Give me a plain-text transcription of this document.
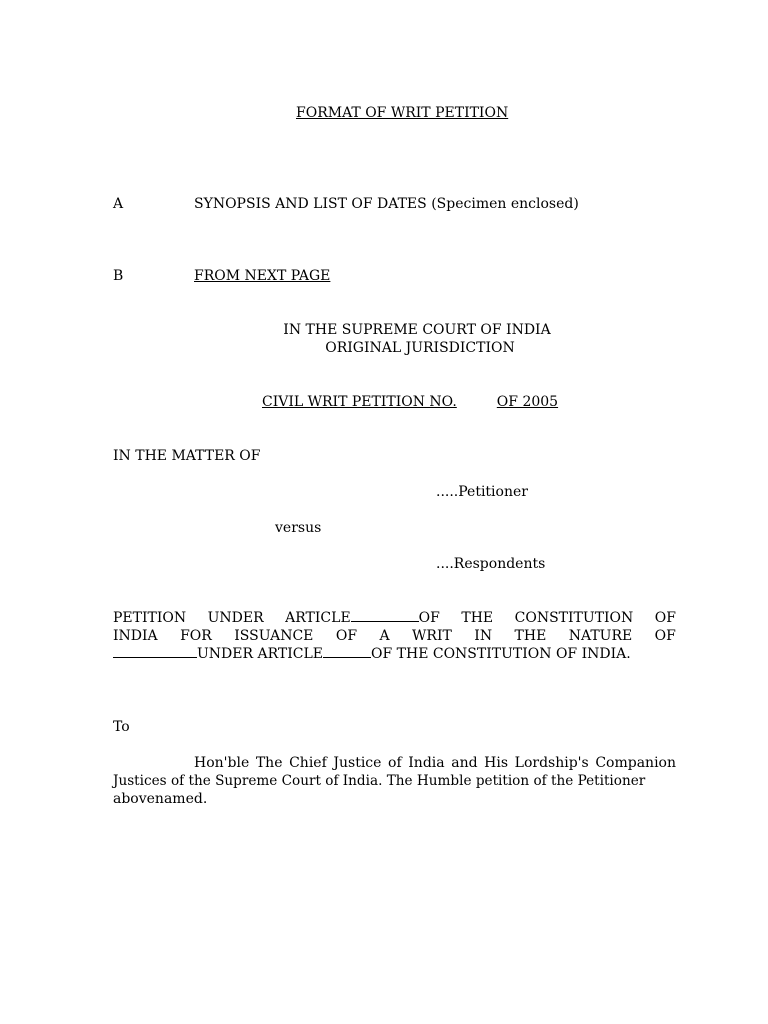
FORMAT OF WRIT PETITION
A	SYNOPSIS AND LIST OF DATES (Specimen enclosed)
B	FROM NEXT PAGE
IN THE SUPREME COURT OF INDIA
ORIGINAL JURISDICTION
CIVIL WRIT PETITION NO.	OF 2005
IN THE MATTER OF
.....Petitioner
versus
....Respondents
PETITION UNDER ARTICLE	OF THE CONSTITUTION OF
INDIA FOR ISSUANCE OF A WRIT IN THE NATURE OF
UNDER ARTICLE	OF THE CONSTITUTION OF INDIA.
To
Hon'ble The Chief Justice of India and His Lordship's Companion
Justices of the Supreme Court of India. The Humble petition of the Petitioner
abovenamed.
